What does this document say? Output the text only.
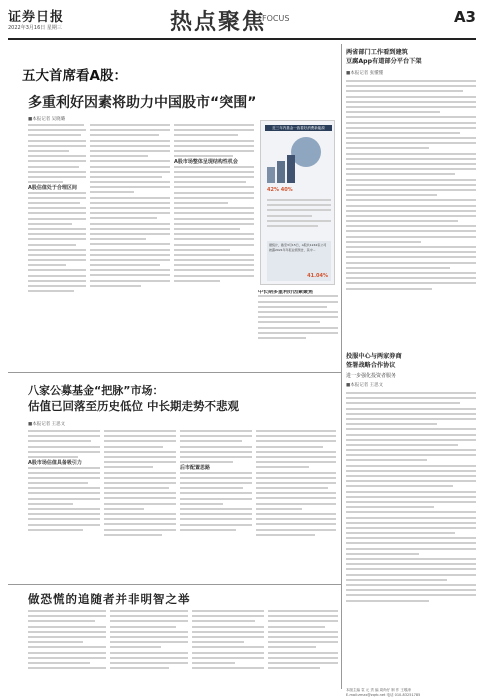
证券日报
2022年3月16日 星期三	热点聚焦
FOCUS	A3
五大首席看A股：
多重利好因素将助力中国股市“突围”
■本报记者 吴晓璐
A股估值处于合理区间
A股市场整体呈现结构性机会
近三年内基金一致看好消费新能源
42% 40%
据统计，截至3月15日，A股共1242家公司披露2021年年报业绩预告，其中...
41.04%
中长期多重利好因素聚焦
两省部门工作看到建筑
豆腐App有道部分平台下架
■本报记者 张懂懂
八家公募基金“把脉”市场：
估值已回落至历史低位 中长期走势不悲观
■本报记者 王思文
A股市场估值具备吸引力
后市配置思路
投服中心与两家券商
签署战略合作协议
进一步强化投资者服务
■本报记者 王思文
做恐慌的追随者并非明智之举
本版主编 袁 元 责 编 周尚仔 制 作 王敬涛
E-mail:zmzx@zqrb.net 电话 010-83251785
